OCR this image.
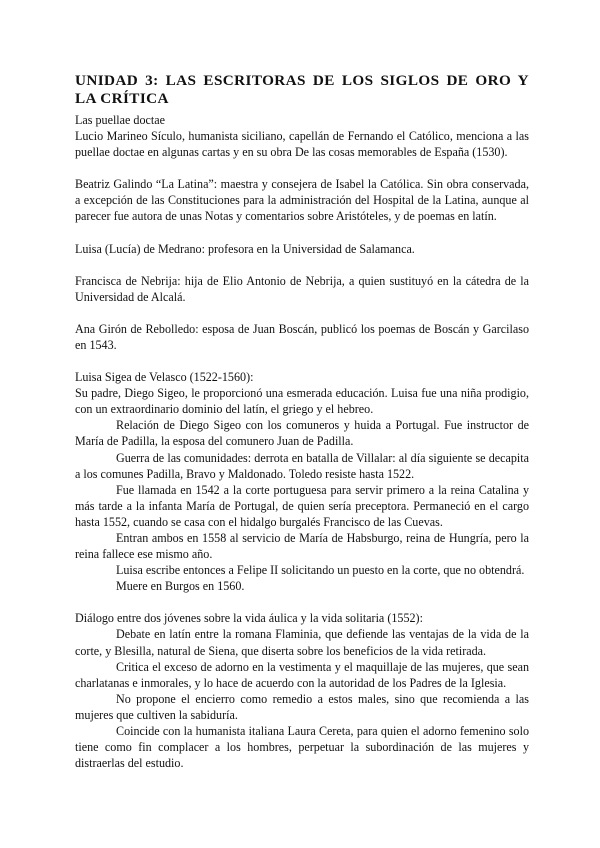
UNIDAD 3: LAS ESCRITORAS DE LOS SIGLOS DE ORO Y LA CRÍTICA

Las puellae doctae

Lucio Marineo Sículo, humanista siciliano, capellán de Fernando el Católico, menciona a las puellae doctae en algunas cartas y en su obra De las cosas memorables de España (1530).

Beatriz Galindo “La Latina”: maestra y consejera de Isabel la Católica. Sin obra conservada, a excepción de las Constituciones para la administración del Hospital de la Latina, aunque al parecer fue autora de unas Notas y comentarios sobre Aristóteles, y de poemas en latín.

Luisa (Lucía) de Medrano: profesora en la Universidad de Salamanca.

Francisca de Nebrija: hija de Elio Antonio de Nebrija, a quien sustituyó en la cátedra de la Universidad de Alcalá.

Ana Girón de Rebolledo: esposa de Juan Boscán, publicó los poemas de Boscán y Garcilaso en 1543.

Luisa Sigea de Velasco (1522-1560):

Su padre, Diego Sigeo, le proporcionó una esmerada educación. Luisa fue una niña prodigio, con un extraordinario dominio del latín, el griego y el hebreo.

Relación de Diego Sigeo con los comuneros y huida a Portugal. Fue instructor de María de Padilla, la esposa del comunero Juan de Padilla.

Guerra de las comunidades: derrota en batalla de Villalar: al día siguiente se decapita a los comunes Padilla, Bravo y Maldonado. Toledo resiste hasta 1522.

Fue llamada en 1542 a la corte portuguesa para servir primero a la reina Catalina y más tarde a la infanta María de Portugal, de quien sería preceptora. Permaneció en el cargo hasta 1552, cuando se casa con el hidalgo burgalés Francisco de las Cuevas.

Entran ambos en 1558 al servicio de María de Habsburgo, reina de Hungría, pero la reina fallece ese mismo año.

Luisa escribe entonces a Felipe II solicitando un puesto en la corte, que no obtendrá.

Muere en Burgos en 1560.

Diálogo entre dos jóvenes sobre la vida áulica y la vida solitaria (1552):

Debate en latín entre la romana Flaminia, que defiende las ventajas de la vida de la corte, y Blesilla, natural de Siena, que diserta sobre los beneficios de la vida retirada.

Critica el exceso de adorno en la vestimenta y el maquillaje de las mujeres, que sean charlatanas e inmorales, y lo hace de acuerdo con la autoridad de los Padres de la Iglesia.

No propone el encierro como remedio a estos males, sino que recomienda a las mujeres que cultiven la sabiduría.

Coincide con la humanista italiana Laura Cereta, para quien el adorno femenino solo tiene como fin complacer a los hombres, perpetuar la subordinación de las mujeres y distraerlas del estudio.
